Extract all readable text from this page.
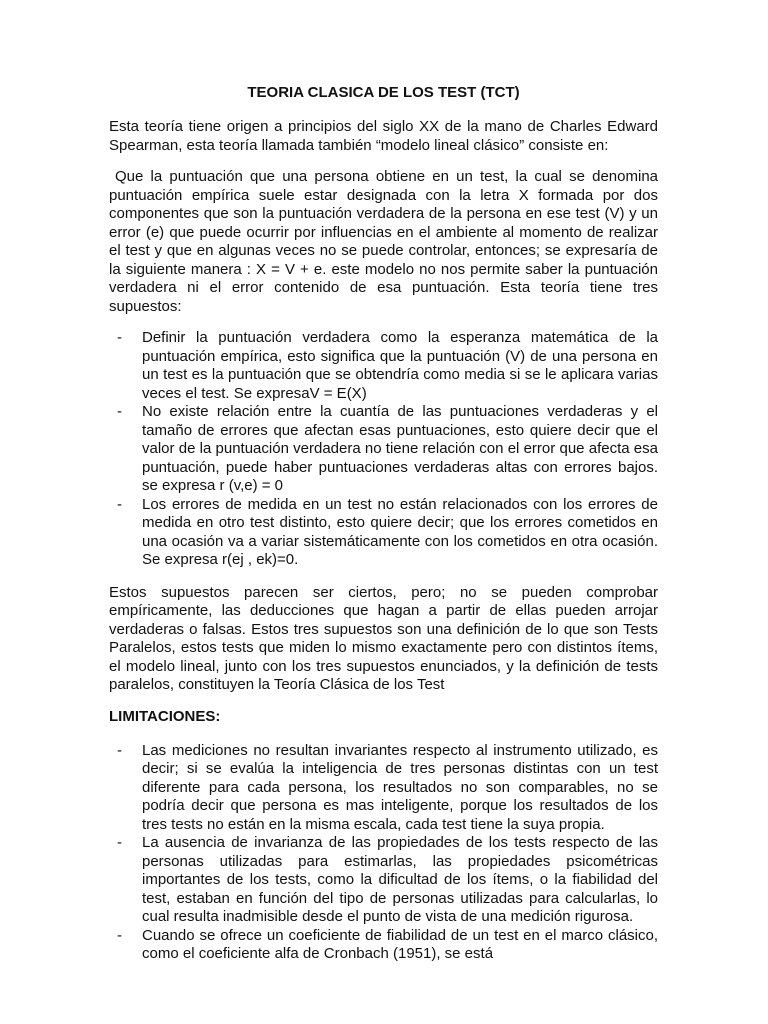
TEORIA CLASICA DE LOS TEST (TCT)

Esta teoría tiene origen a principios del siglo XX de la mano de Charles Edward Spearman, esta teoría llamada también “modelo lineal clásico” consiste en:

Que la puntuación que una persona obtiene en un test, la cual se denomina puntuación empírica suele estar designada con la letra X formada por dos componentes que son la puntuación verdadera de la persona en ese test (V) y un error (e) que puede ocurrir por influencias en el ambiente al momento de realizar el test y que en algunas veces no se puede controlar, entonces; se expresaría de la siguiente manera : X = V + e. este modelo no nos permite saber la puntuación verdadera ni el error contenido de esa puntuación. Esta teoría tiene tres supuestos:

-	Definir la puntuación verdadera como la esperanza matemática de la puntuación empírica, esto significa que la puntuación (V) de una persona en un test es la puntuación que se obtendría como media si se le aplicara varias veces el test. Se expresaV = E(X)
-	No existe relación entre la cuantía de las puntuaciones verdaderas y el tamaño de errores que afectan esas puntuaciones, esto quiere decir que el valor de la puntuación verdadera no tiene relación con el error que afecta esa puntuación, puede haber puntuaciones verdaderas altas con errores bajos. se expresa r (v,e) = 0
-	Los errores de medida en un test no están relacionados con los errores de medida en otro test distinto, esto quiere decir; que los errores cometidos en una ocasión va a variar sistemáticamente con los cometidos en otra ocasión. Se expresa r(ej , ek)=0.

Estos supuestos parecen ser ciertos, pero; no se pueden comprobar empíricamente, las deducciones que hagan a partir de ellas pueden arrojar verdaderas o falsas. Estos tres supuestos son una definición de lo que son Tests Paralelos, estos tests que miden lo mismo exactamente pero con distintos ítems, el modelo lineal, junto con los tres supuestos enunciados, y la definición de tests paralelos, constituyen la Teoría Clásica de los Test

LIMITACIONES:
-	Las mediciones no resultan invariantes respecto al instrumento utilizado, es decir; si se evalúa la inteligencia de tres personas distintas con un test diferente para cada persona, los resultados no son comparables, no se podría decir que persona es mas inteligente, porque los resultados de los tres tests no están en la misma escala, cada test tiene la suya propia.
-	La ausencia de invarianza de las propiedades de los tests respecto de las personas utilizadas para estimarlas, las propiedades psicométricas importantes de los tests, como la dificultad de los ítems, o la fiabilidad del test, estaban en función del tipo de personas utilizadas para calcularlas, lo cual resulta inadmisible desde el punto de vista de una medición rigurosa.
-	Cuando se ofrece un coeficiente de fiabilidad de un test en el marco clásico, como el coeficiente alfa de Cronbach (1951), se está
